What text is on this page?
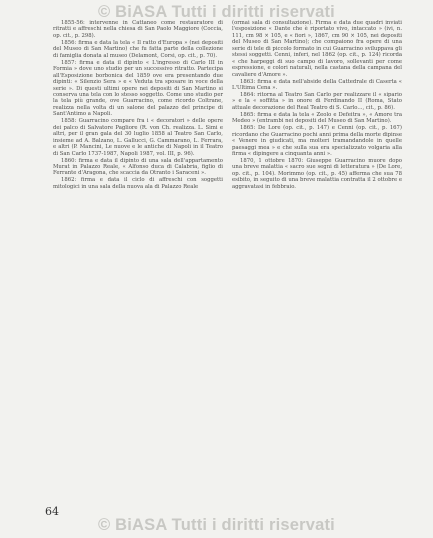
© BiASA Tutti i diritti riservati

1855-56: intervenne in Cattaneo come restauratore di ritratti e affreschi nella chiesa di San Paolo Maggiore (Coccia, op. cit., p. 298).

1856: firma e data la tela « Il ratto d'Europa » (nei depositi del Museo di San Martino) che fu fatta parte della collezione di famiglia donata al museo (Delamont, Corsi, op. cit., p. 70).

1857: firma e data il dipinto « L'ingresso di Carlo III in Formia » dove uno studio per un successivo ritratto. Partecipa all'Esposizione borbonica del 1859 ove era presentando due dipinti: « Silenzio Sera » e « Veduta tra sposare in voce della serie ». Di questi ultimi opere nei depositi di San Martino si conserva una tela con lo stesso soggetto. Come uno studio per la tela più grande, ove Guarracino, come ricordo Coltrane, realizza nella volta di un salone del palazzo del principe di Sant'Antimo a Napoli.

1858: Guarracino compare fra i « decoratori » delle opere dei palco di Salvatore Pagliore (R. von Ch. realizza. L. Simi e altri, per il gran gala del 30 luglio 1858 al Teatro San Carlo, insieme ad A. Balzano, L. Gallucci, G. Cammarano, L. Ferrara, e altri (P. Mancini, Le nuove e le antiche di Napoli in il Teatro di San Carlo 1737-1987, Napoli 1987, vol. III, p. 96).

1860: firma e data il dipinto di una sala dell'appartamento Murat in Palazzo Reale, « Alfonso duca di Calabria, figlio di Ferrante d'Aragona, che scaccia da Otranto i Saraceni ».

1862: firma e data il ciclo di affreschi con soggetti mitologici in una sala della nuova ala di Palazzo Reale

(ormai sala di consultazione). Firma e data due quadri inviati l'esposizione « Dante che è riportato vivo, intaccato » (ivi, n. 111, cm 98 × 105, e « fiori », 1867, cm 90 × 105, nei depositi del Museo di San Martino); che compaiono fra opere di una serie di tele di piccolo formato in cui Guarracino sviluppava gli stessi soggetti. Cenni, inferi, nel 1862 (op. cit., p. 124) ricorda « che harpeggi di suo campo di lavoro, sollevanti per come espressione, e colori naturali, nella castana della campana del cavaliere d'Amore ».

1863: firma e data nell'abside della Cattedrale di Caserta « L'Ultima Cena ».

1864: ritorna al Teatro San Carlo per realizzare il « sipario » e la « soffitta » in onore di Ferdinando II (Roma, Stato attuale decorazione del Real Teatro di S. Carlo..., cit., p. 86).

1865: firma e data la tela « Zeolo e Defeitra », « Amore tra Medeo » (entrambi nei depositi del Museo di San Martino).

1865: De Lore (op. cit., p. 147) e Cenni (op. cit., p. 167) ricordano che Guarracino pochi anni prima della morte dipinse « Venere in giudicati, ma molteri tramandandole in quelle paesaggi mea » e che sulla sua era specializzato volgaria alla firma « dipingere a cinquanta anni ».

1870, 1 ottobre 1870: Giuseppe Guarracino muore dopo una breve malattia « sacro sue segni di letteratura » (De Lore, op. cit., p. 104). Morimmo (op. cit., p. 45) afferma che sua 78 esibito, in seguito di una breve malattia contratta il 2 ottobre e aggravatasi in febbraio.

64
© BiASA Tutti i diritti riservati
